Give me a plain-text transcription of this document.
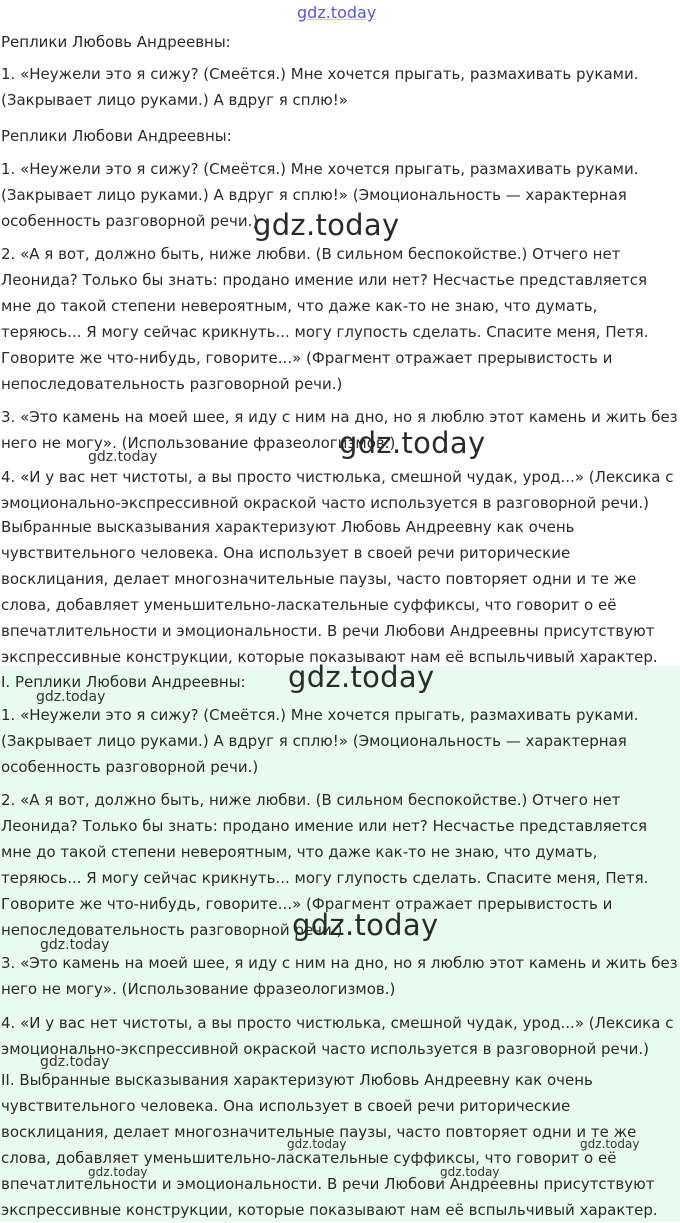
gdz.today

Реплики Любовь Андреевны:

1. «Неужели это я сижу? (Смеётся.) Мне хочется прыгать, размахивать руками. (Закрывает лицо руками.) А вдруг я сплю!»

Реплики Любови Андреевны:

1. «Неужели это я сижу? (Смеётся.) Мне хочется прыгать, размахивать руками. (Закрывает лицо руками.) А вдруг я сплю!» (Эмоциональность — характерная особенность разговорной речи.)

2. «А я вот, должно быть, ниже любви. (В сильном беспокойстве.) Отчего нет Леонида? Только бы знать: продано имение или нет? Несчастье представляется мне до такой степени невероятным, что даже как-то не знаю, что думать, теряюсь... Я могу сейчас крикнуть... могу глупость сделать. Спасите меня, Петя. Говорите же что-нибудь, говорите...» (Фрагмент отражает прерывистость и непоследовательность разговорной речи.)

3. «Это камень на моей шее, я иду с ним на дно, но я люблю этот камень и жить без него не могу». (Использование фразеологизмов.)

4. «И у вас нет чистоты, а вы просто чистюлька, смешной чудак, урод...» (Лексика с эмоционально-экспрессивной окраской часто используется в разговорной речи.)

Выбранные высказывания характеризуют Любовь Андреевну как очень чувствительного человека. Она использует в своей речи риторические восклицания, делает многозначительные паузы, часто повторяет одни и те же слова, добавляет уменьшительно-ласкательные суффиксы, что говорит о её впечатлительности и эмоциональности. В речи Любови Андреевны присутствуют экспрессивные конструкции, которые показывают нам её вспыльчивый характер.

I. Реплики Любови Андреевны:

1. «Неужели это я сижу? (Смеётся.) Мне хочется прыгать, размахивать руками. (Закрывает лицо руками.) А вдруг я сплю!» (Эмоциональность — характерная особенность разговорной речи.)

2. «А я вот, должно быть, ниже любви. (В сильном беспокойстве.) Отчего нет Леонида? Только бы знать: продано имение или нет? Несчастье представляется мне до такой степени невероятным, что даже как-то не знаю, что думать, теряюсь... Я могу сейчас крикнуть... могу глупость сделать. Спасите меня, Петя. Говорите же что-нибудь, говорите...» (Фрагмент отражает прерывистость и непоследовательность разговорной речи.)

3. «Это камень на моей шее, я иду с ним на дно, но я люблю этот камень и жить без него не могу». (Использование фразеологизмов.)

4. «И у вас нет чистоты, а вы просто чистюлька, смешной чудак, урод...» (Лексика с эмоционально-экспрессивной окраской часто используется в разговорной речи.)

II. Выбранные высказывания характеризуют Любовь Андреевну как очень чувствительного человека. Она использует в своей речи риторические восклицания, делает многозначительные паузы, часто повторяет одни и те же слова, добавляет уменьшительно-ласкательные суффиксы, что говорит о её впечатлительности и эмоциональности. В речи Любови Андреевны присутствуют экспрессивные конструкции, которые показывают нам её вспыльчивый характер.

gdz.today
gdz.today
gdz.today
gdz.today
gdz.today
gdz.today
gdz.today
gdz.today
gdz.today	gdz.today
gdz.today	gdz.today
